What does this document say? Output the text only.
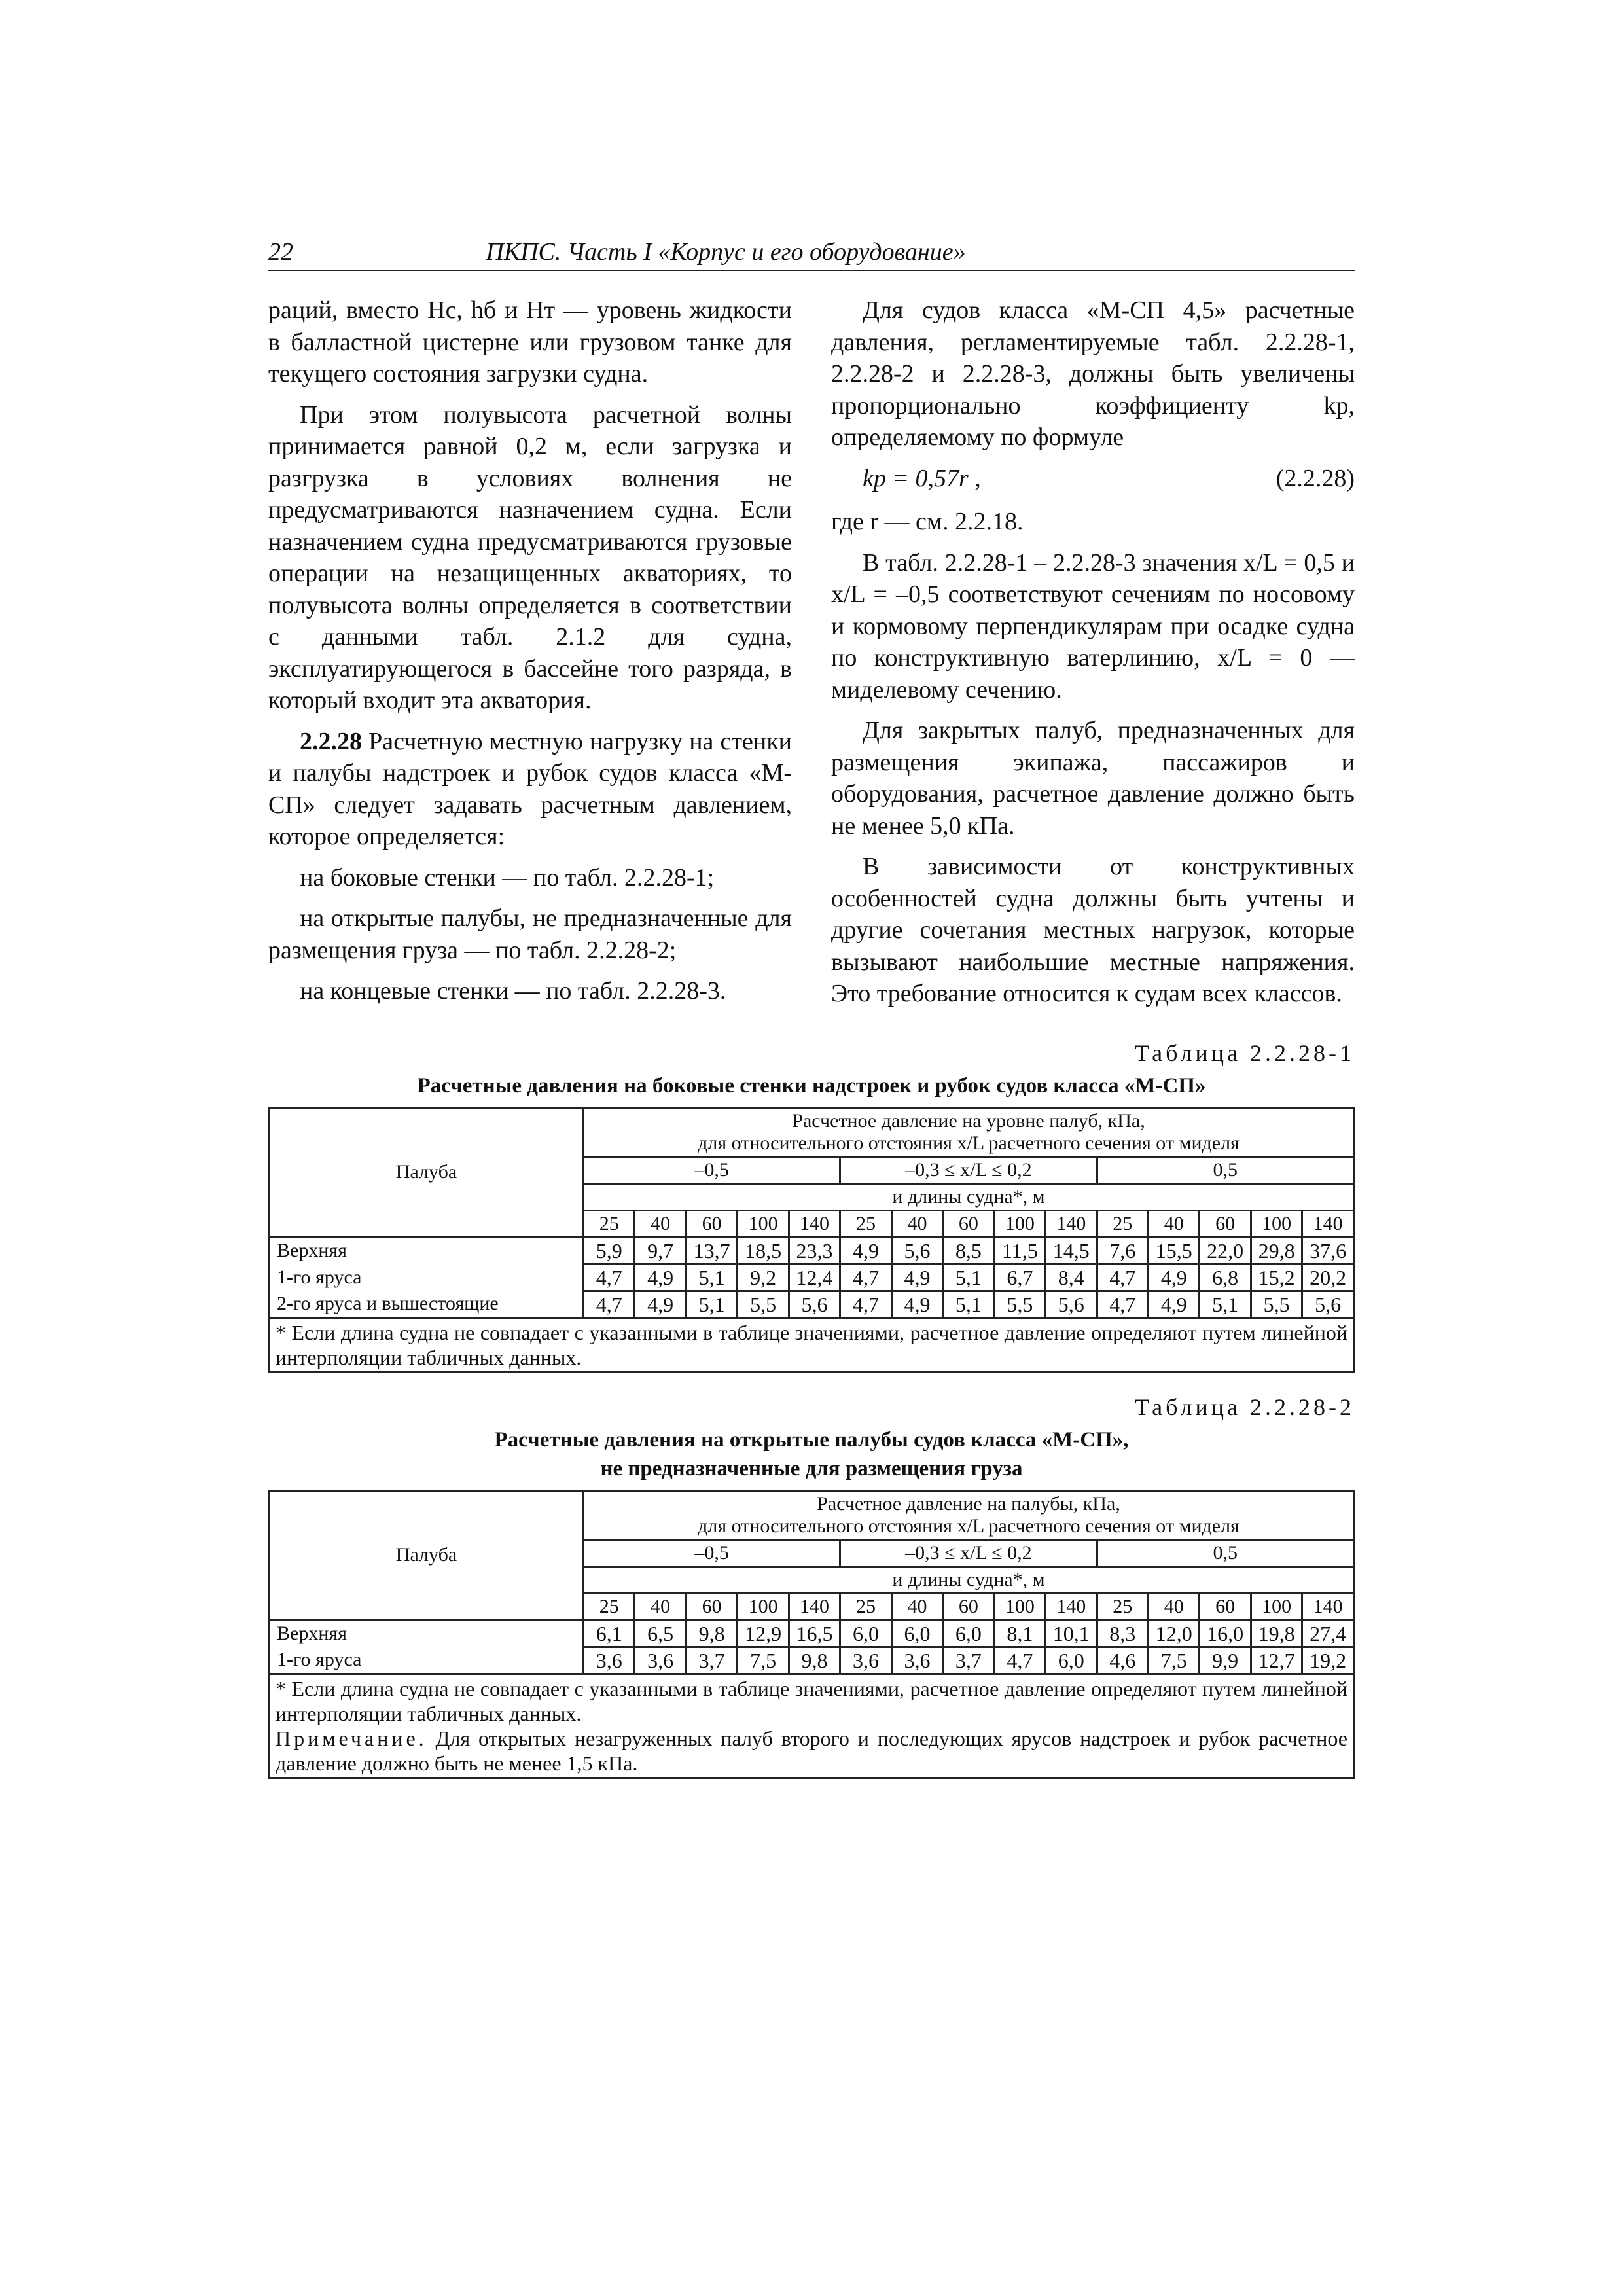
22	ПКПС. Часть I «Корпус и его оборудование»

раций, вместо Hс, hб и Hт — уровень жидкости в балластной цистерне или грузовом танке для текущего состояния загрузки судна.

При этом полувысота расчетной волны принимается равной 0,2 м, если загрузка и разгрузка в условиях волнения не предусматриваются назначением судна. Если назначением судна предусматриваются грузовые операции на незащищенных акваториях, то полувысота волны определяется в соответствии с данными табл. 2.1.2 для судна, эксплуатирующегося в бассейне того разряда, в который входит эта акватория.

2.2.28 Расчетную местную нагрузку на стенки и палубы надстроек и рубок судов класса «М-СП» следует задавать расчетным давлением, которое определяется:

на боковые стенки — по табл. 2.2.28-1;

на открытые палубы, не предназначенные для размещения груза — по табл. 2.2.28-2;

на концевые стенки — по табл. 2.2.28-3.

Для судов класса «М-СП 4,5» расчетные давления, регламентируемые табл. 2.2.28-1, 2.2.28-2 и 2.2.28-3, должны быть увеличены пропорционально коэффициенту kр, определяемому по формуле

kр = 0,57r ,	(2.2.28)

где r — см. 2.2.18.

В табл. 2.2.28-1 – 2.2.28-3 значения x/L = 0,5 и x/L = –0,5 соответствуют сечениям по носовому и кормовому перпендикулярам при осадке судна по конструктивную ватерлинию, x/L = 0 — миделевому сечению.

Для закрытых палуб, предназначенных для размещения экипажа, пассажиров и оборудования, расчетное давление должно быть не менее 5,0 кПа.

В зависимости от конструктивных особенностей судна должны быть учтены и другие сочетания местных нагрузок, которые вызывают наибольшие местные напряжения. Это требование относится к судам всех классов.

Таблица 2.2.28-1
Расчетные давления на боковые стенки надстроек и рубок судов класса «М-СП»
Палуба	Расчетное давление на уровне палуб, кПа,
для относительного отстояния x/L расчетного сечения от миделя														

	–0,5					–0,3 ≤ x/L ≤ 0,2					0,5				
	и длины судна*, м														
	25	40	60	100	140	25	40	60	100	140	25	40	60	100	140
Верхняя	5,9	9,7	13,7	18,5	23,3	4,9	5,6	8,5	11,5	14,5	7,6	15,5	22,0	29,8	37,6
1-го яруса	4,7	4,9	5,1	9,2	12,4	4,7	4,9	5,1	6,7	8,4	4,7	4,9	6,8	15,2	20,2
2-го яруса и вышестоящие	4,7	4,9	5,1	5,5	5,6	4,7	4,9	5,1	5,5	5,6	4,7	4,9	5,1	5,5	5,6
* Если длина судна не совпадает с указанными в таблице значениями, расчетное давление определяют путем линейной интерполяции табличных данных.															
Таблица 2.2.28-2
Расчетные давления на открытые палубы судов класса «М-СП»,
не предназначенные для размещения груза
Палуба	Расчетное давление на палубы, кПа,
для относительного отстояния x/L расчетного сечения от миделя														

	–0,5					–0,3 ≤ x/L ≤ 0,2					0,5				
	и длины судна*, м														
	25	40	60	100	140	25	40	60	100	140	25	40	60	100	140
Верхняя	6,1	6,5	9,8	12,9	16,5	6,0	6,0	6,0	8,1	10,1	8,3	12,0	16,0	19,8	27,4
1-го яруса	3,6	3,6	3,7	7,5	9,8	3,6	3,6	3,7	4,7	6,0	4,6	7,5	9,9	12,7	19,2

* Если длина судна не совпадает с указанными в таблице значениями, расчетное давление определяют путем линейной интерполяции табличных данных.
Примечание. Для открытых незагруженных палуб второго и последующих ярусов надстроек и рубок расчетное давление должно быть не менее 1,5 кПа.															
